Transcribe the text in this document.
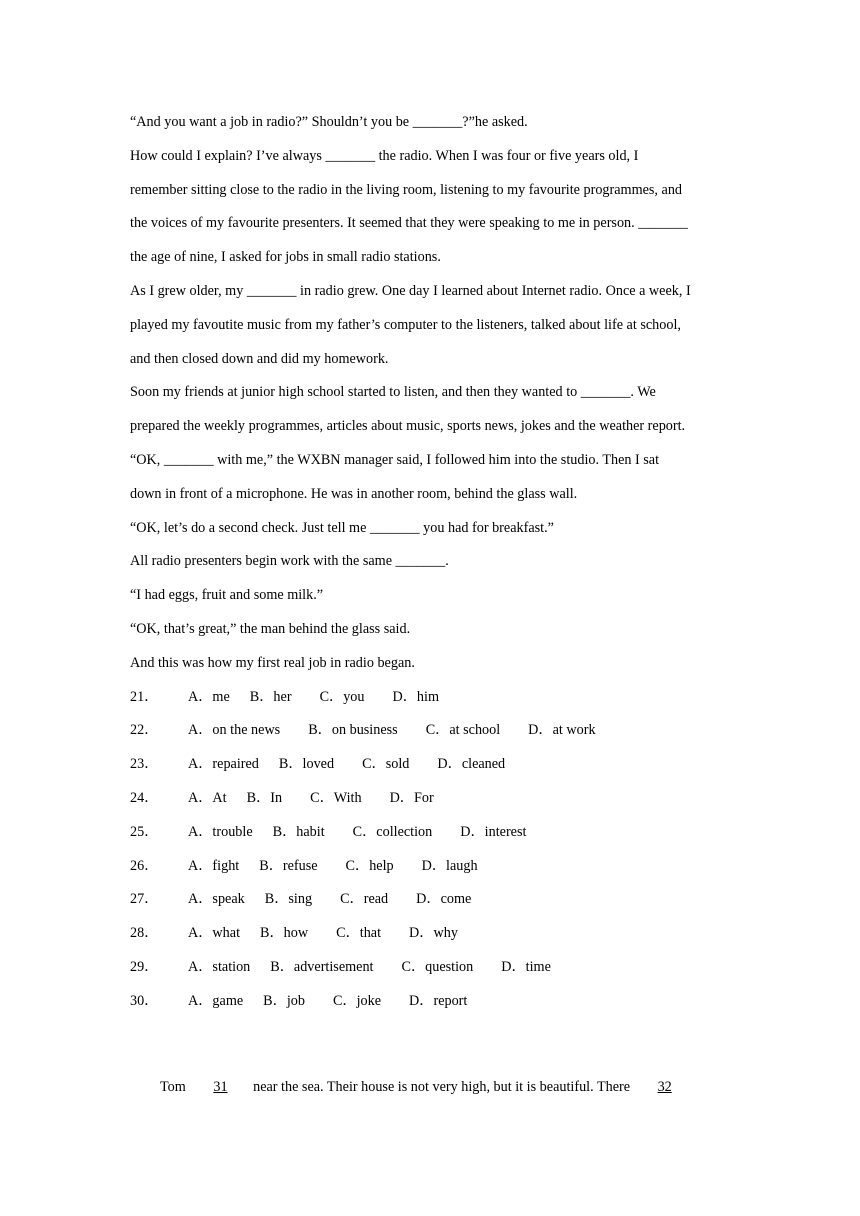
“And you want a job in radio?” Shouldn’t you be _______?”he asked.
How could I explain? I’ve always _______ the radio. When I was four or five years old, I
remember sitting close to the radio in the living room, listening to my favourite programmes, and
the voices of my favourite presenters. It seemed that they were speaking to me in person. _______
the age of nine, I asked for jobs in small radio stations.
As I grew older, my _______ in radio grew. One day I learned about Internet radio. Once a week, I
played my favoutite music from my father’s computer to the listeners, talked about life at school,
and then closed down and did my homework.
Soon my friends at junior high school started to listen, and then they wanted to _______. We
prepared the weekly programmes, articles about music, sports news, jokes and the weather report.
“OK, _______ with me,” the WXBN manager said, I followed him into the studio. Then I sat
down in front of a microphone. He was in another room, behind the glass wall.
“OK, let’s do a second check. Just tell me _______ you had for breakfast.”
All radio presenters begin work with the same _______.
“I had eggs, fruit and some milk.”
“OK, that’s great,” the man behind the glass said.
And this was how my first real job in radio began.
21．	A．me B．her C．you D．him
22．	A．on the news B．on business C．at school D．at work
23．	A．repaired B．loved C．sold D．cleaned
24．	A．At B．In C．With D．For
25．	A．trouble B．habit C．collection D．interest
26．	A．fight B．refuse C．help D．laugh
27．	A．speak B．sing C．read D．come
28．	A．what B．how C．that D．why
29．	A．station B．advertisement C．question D．time
30．	A．game B．job C．joke D．report
Tom 31 near the sea. Their house is not very high, but it is beautiful. There 32
